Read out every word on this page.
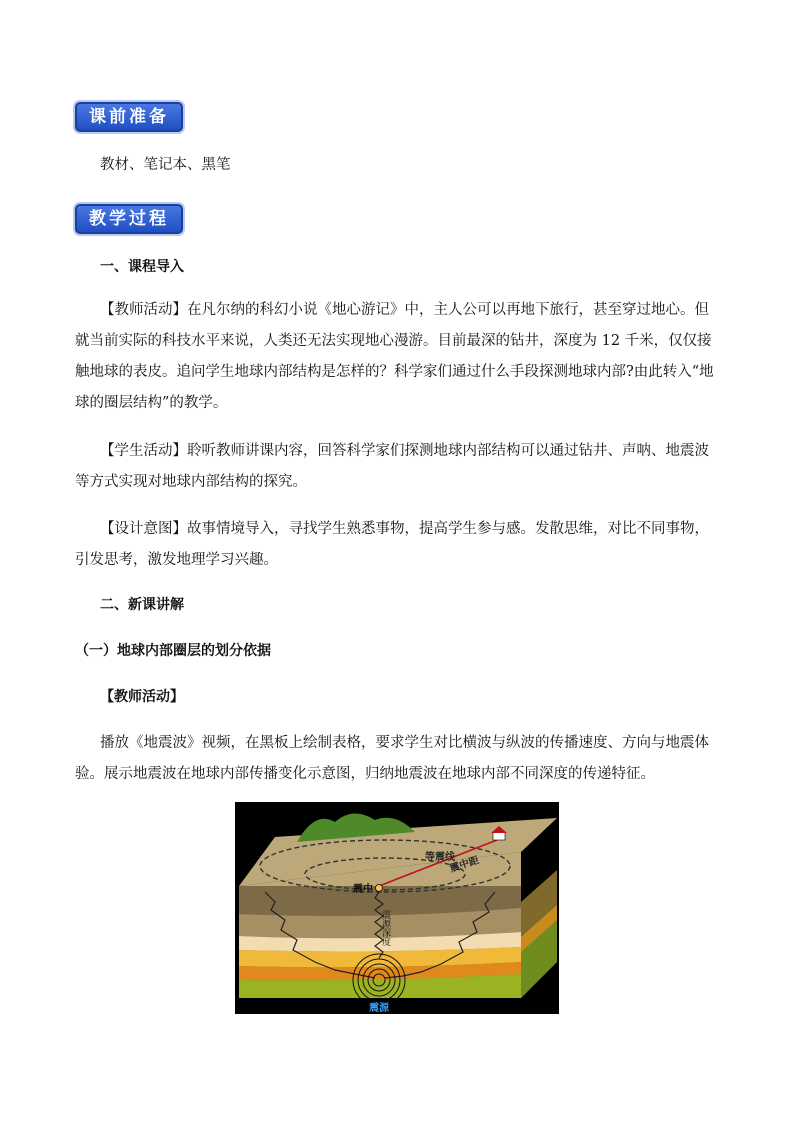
课前准备
教材、笔记本、黑笔
教学过程
一、课程导入
【教师活动】在凡尔纳的科幻小说《地心游记》中，主人公可以再地下旅行，甚至穿过地心。但就当前实际的科技水平来说，人类还无法实现地心漫游。目前最深的钻井，深度为 12 千米，仅仅接触地球的表皮。追问学生地球内部结构是怎样的？科学家们通过什么手段探测地球内部?由此转入“地球的圈层结构”的教学。
【学生活动】聆听教师讲课内容，回答科学家们探测地球内部结构可以通过钻井、声呐、地震波等方式实现对地球内部结构的探究。
【设计意图】故事情境导入，寻找学生熟悉事物，提高学生参与感。发散思维，对比不同事物，引发思考，激发地理学习兴趣。
二、新课讲解
（一）地球内部圈层的划分依据
【教师活动】
播放《地震波》视频，在黑板上绘制表格，要求学生对比横波与纵波的传播速度、方向与地震体验。展示地震波在地球内部传播变化示意图，归纳地震波在地球内部不同深度的传递特征。
等震线
震中距
震中
震源深度
震源
